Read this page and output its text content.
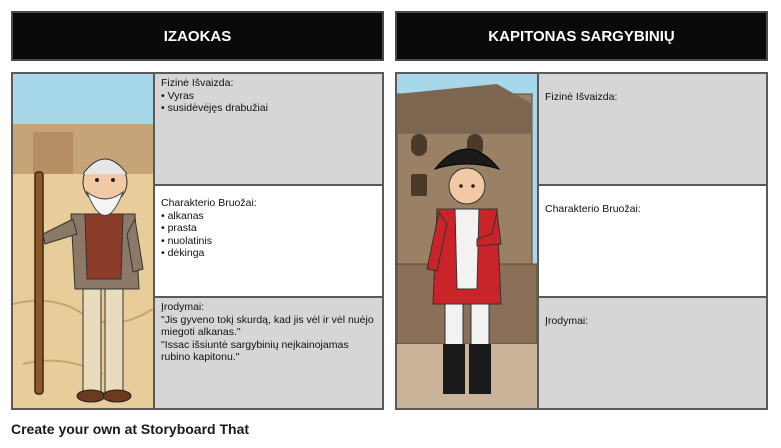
IZAOKAS	KAPITONAS SARGYBINIŲ
Fizinė Išvaizda:
• Vyras
• susidėvėjęs drabužiai
Charakterio Bruožai:
• alkanas
• prasta
• nuolatinis
• dėkinga
Įrodymai:
"Jis gyveno tokį skurdą, kad jis vėl ir vėl nuėjo miegoti alkanas."
"Issac išsiuntė sargybinių neįkainojamas rubino kapitonu."
Fizinė Išvaizda:
Charakterio Bruožai:
Įrodymai:
Create your own at Storyboard That
